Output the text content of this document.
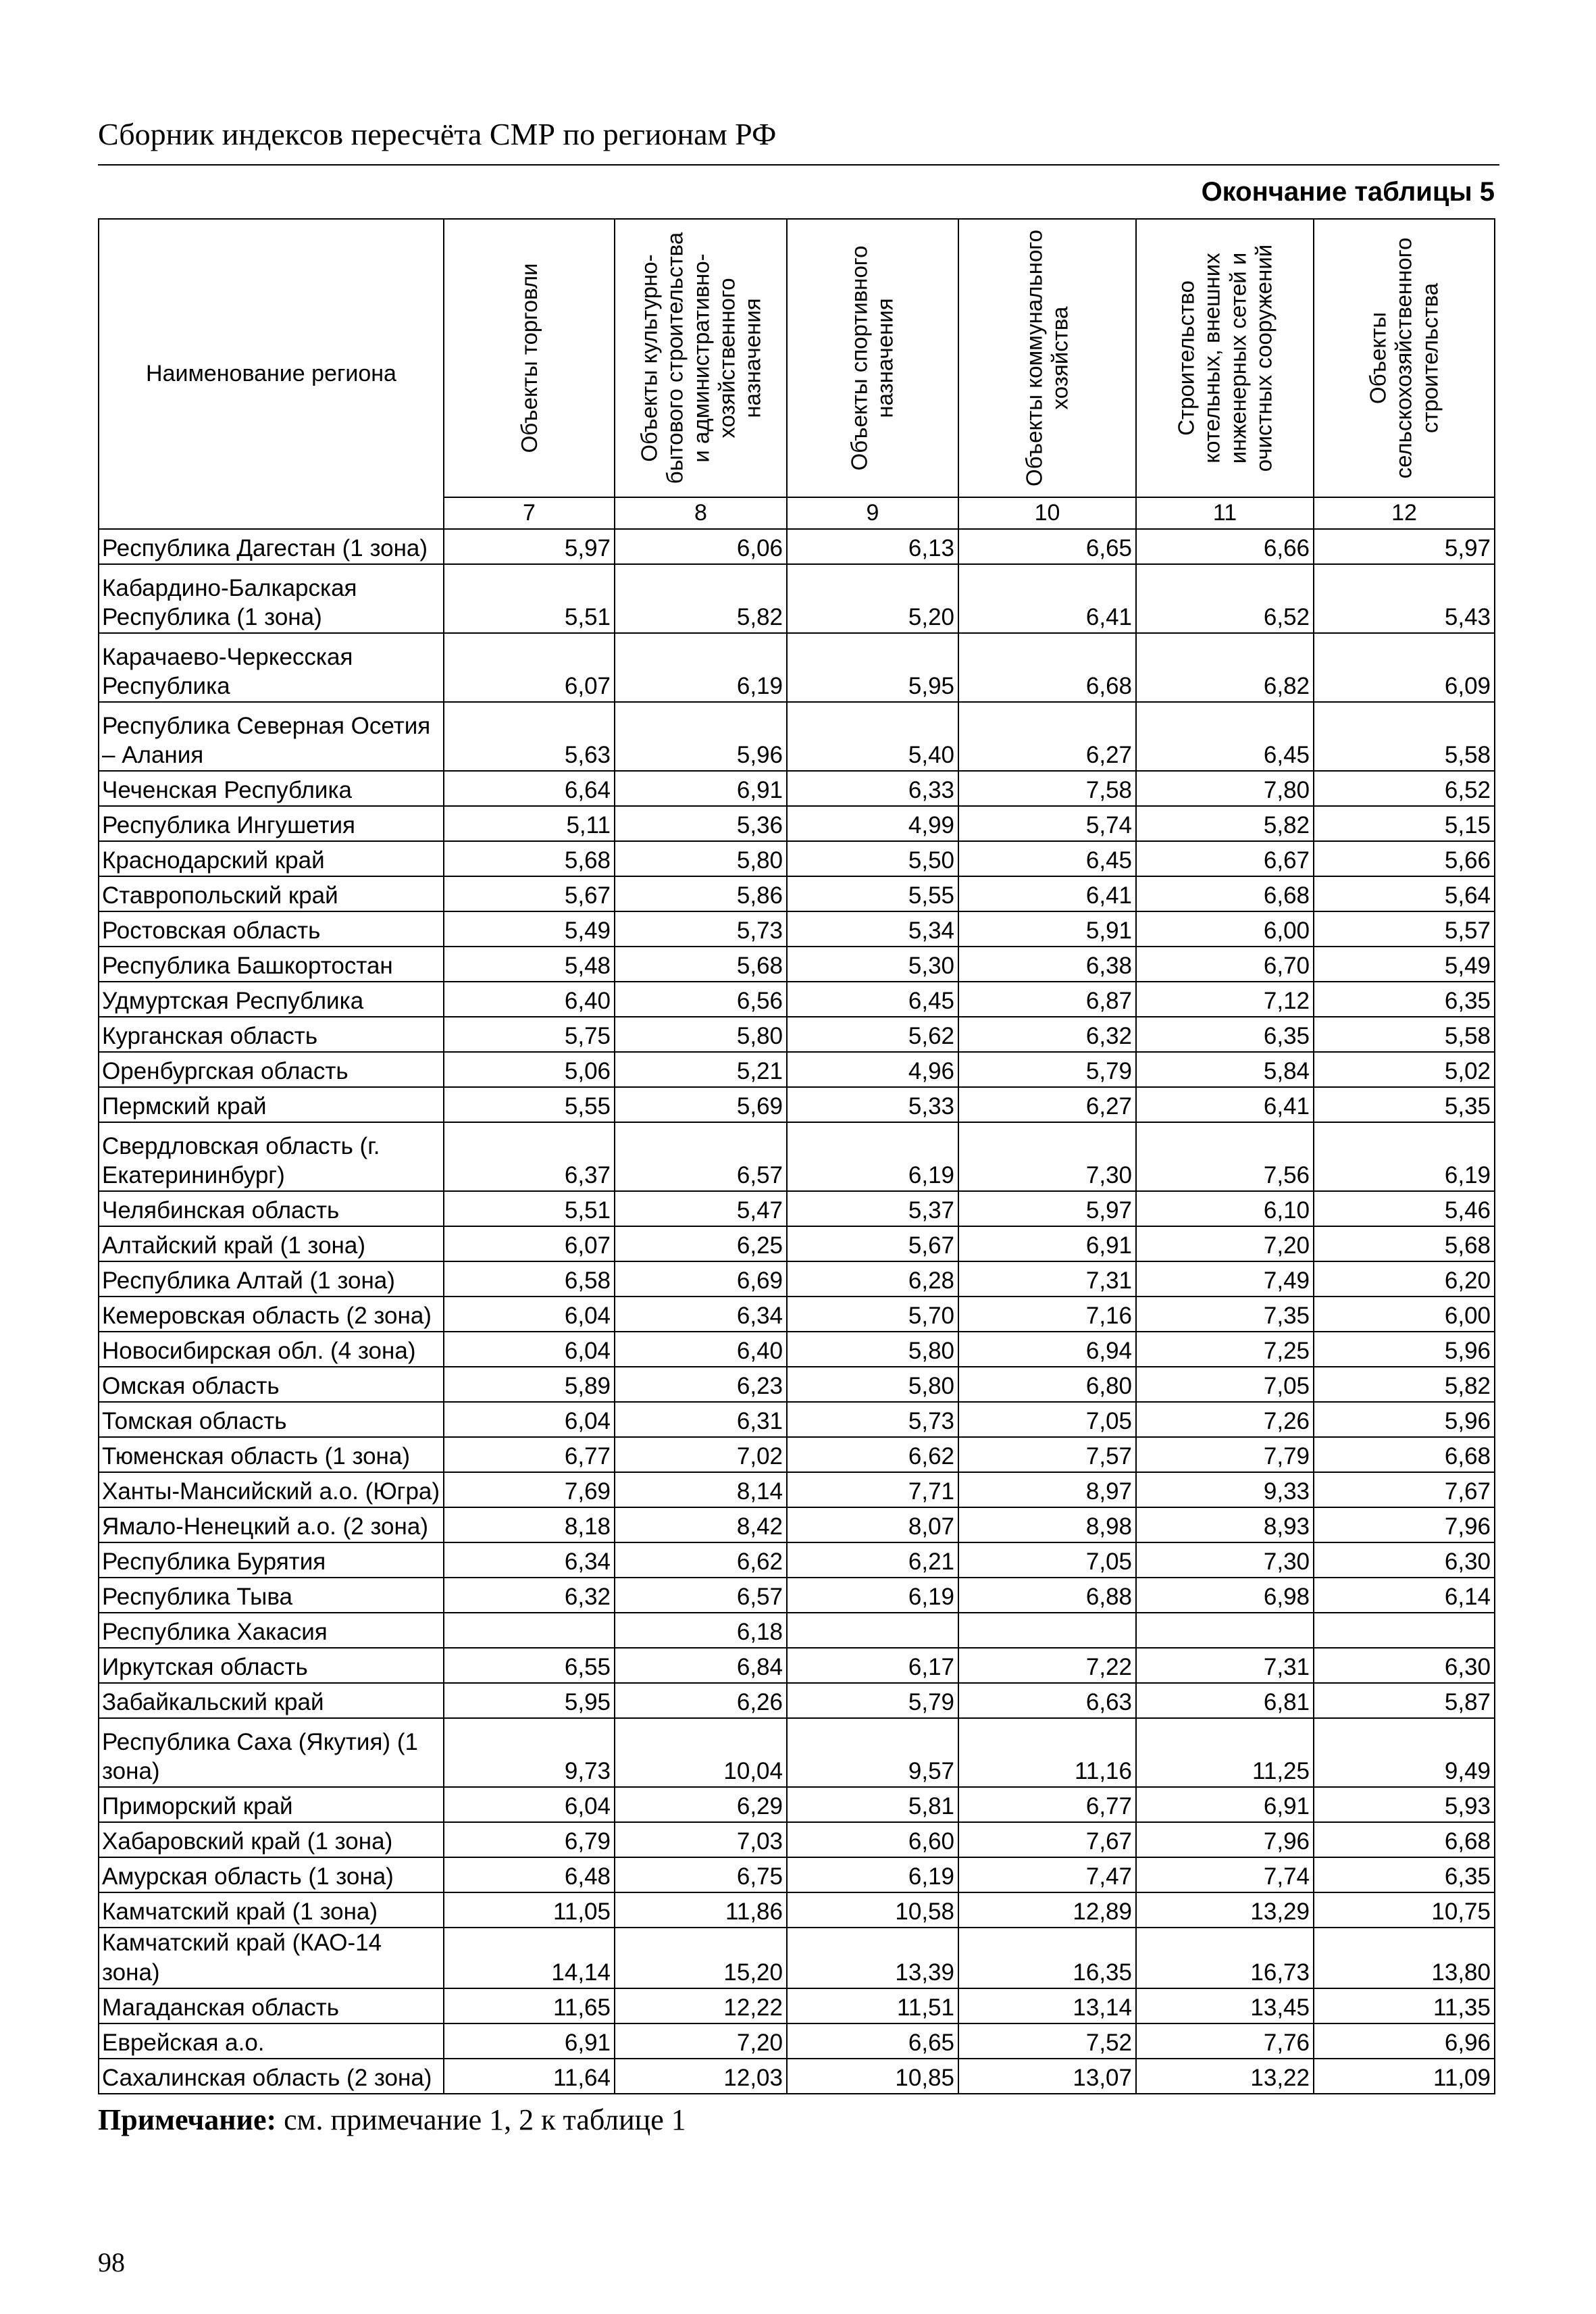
Сборник индексов пересчёта СМР по регионам РФ
Окончание таблицы 5
Наименование региона	Объекты торговли	Объекты культурно-бытового строительства и административно-хозяйственного назначения	Объекты спортивного назначения	Объекты коммунального хозяйства	Строительство котельных, внешних инженерных сетей и очистных сооружений	Объекты сельскохозяйственного строительства

	7	8	9	10	11	12
Республика Дагестан (1 зона)	5,97	6,06	6,13	6,65	6,66	5,97
Кабардино-Балкарская Республика (1 зона)	5,51	5,82	5,20	6,41	6,52	5,43
Карачаево-Черкесская Республика	6,07	6,19	5,95	6,68	6,82	6,09
Республика Северная Осетия – Алания	5,63	5,96	5,40	6,27	6,45	5,58
Чеченская Республика	6,64	6,91	6,33	7,58	7,80	6,52
Республика Ингушетия	5,11	5,36	4,99	5,74	5,82	5,15
Краснодарский край	5,68	5,80	5,50	6,45	6,67	5,66
Ставропольский край	5,67	5,86	5,55	6,41	6,68	5,64
Ростовская область	5,49	5,73	5,34	5,91	6,00	5,57
Республика Башкортостан	5,48	5,68	5,30	6,38	6,70	5,49
Удмуртская Республика	6,40	6,56	6,45	6,87	7,12	6,35
Курганская область	5,75	5,80	5,62	6,32	6,35	5,58
Оренбургская область	5,06	5,21	4,96	5,79	5,84	5,02
Пермский край	5,55	5,69	5,33	6,27	6,41	5,35
Свердловская область (г. Екатерининбург)	6,37	6,57	6,19	7,30	7,56	6,19
Челябинская область	5,51	5,47	5,37	5,97	6,10	5,46
Алтайский край (1 зона)	6,07	6,25	5,67	6,91	7,20	5,68
Республика Алтай (1 зона)	6,58	6,69	6,28	7,31	7,49	6,20
Кемеровская область (2 зона)	6,04	6,34	5,70	7,16	7,35	6,00
Новосибирская обл. (4 зона)	6,04	6,40	5,80	6,94	7,25	5,96
Омская область	5,89	6,23	5,80	6,80	7,05	5,82
Томская область	6,04	6,31	5,73	7,05	7,26	5,96
Тюменская область (1 зона)	6,77	7,02	6,62	7,57	7,79	6,68
Ханты-Мансийский а.о. (Югра)	7,69	8,14	7,71	8,97	9,33	7,67
Ямало-Ненецкий а.о. (2 зона)	8,18	8,42	8,07	8,98	8,93	7,96
Республика Бурятия	6,34	6,62	6,21	7,05	7,30	6,30
Республика Тыва	6,32	6,57	6,19	6,88	6,98	6,14
Республика Хакасия		6,18				
Иркутская область	6,55	6,84	6,17	7,22	7,31	6,30
Забайкальский край	5,95	6,26	5,79	6,63	6,81	5,87
Республика Саха (Якутия) (1 зона)	9,73	10,04	9,57	11,16	11,25	9,49
Приморский край	6,04	6,29	5,81	6,77	6,91	5,93
Хабаровский край (1 зона)	6,79	7,03	6,60	7,67	7,96	6,68
Амурская область (1 зона)	6,48	6,75	6,19	7,47	7,74	6,35
Камчатский край (1 зона)	11,05	11,86	10,58	12,89	13,29	10,75
Камчатский край (КАО-14 зона)	14,14	15,20	13,39	16,35	16,73	13,80
Магаданская область	11,65	12,22	11,51	13,14	13,45	11,35
Еврейская а.о.	6,91	7,20	6,65	7,52	7,76	6,96
Сахалинская область (2 зона)	11,64	12,03	10,85	13,07	13,22	11,09
Примечание: см. примечание 1, 2 к таблице 1
98
